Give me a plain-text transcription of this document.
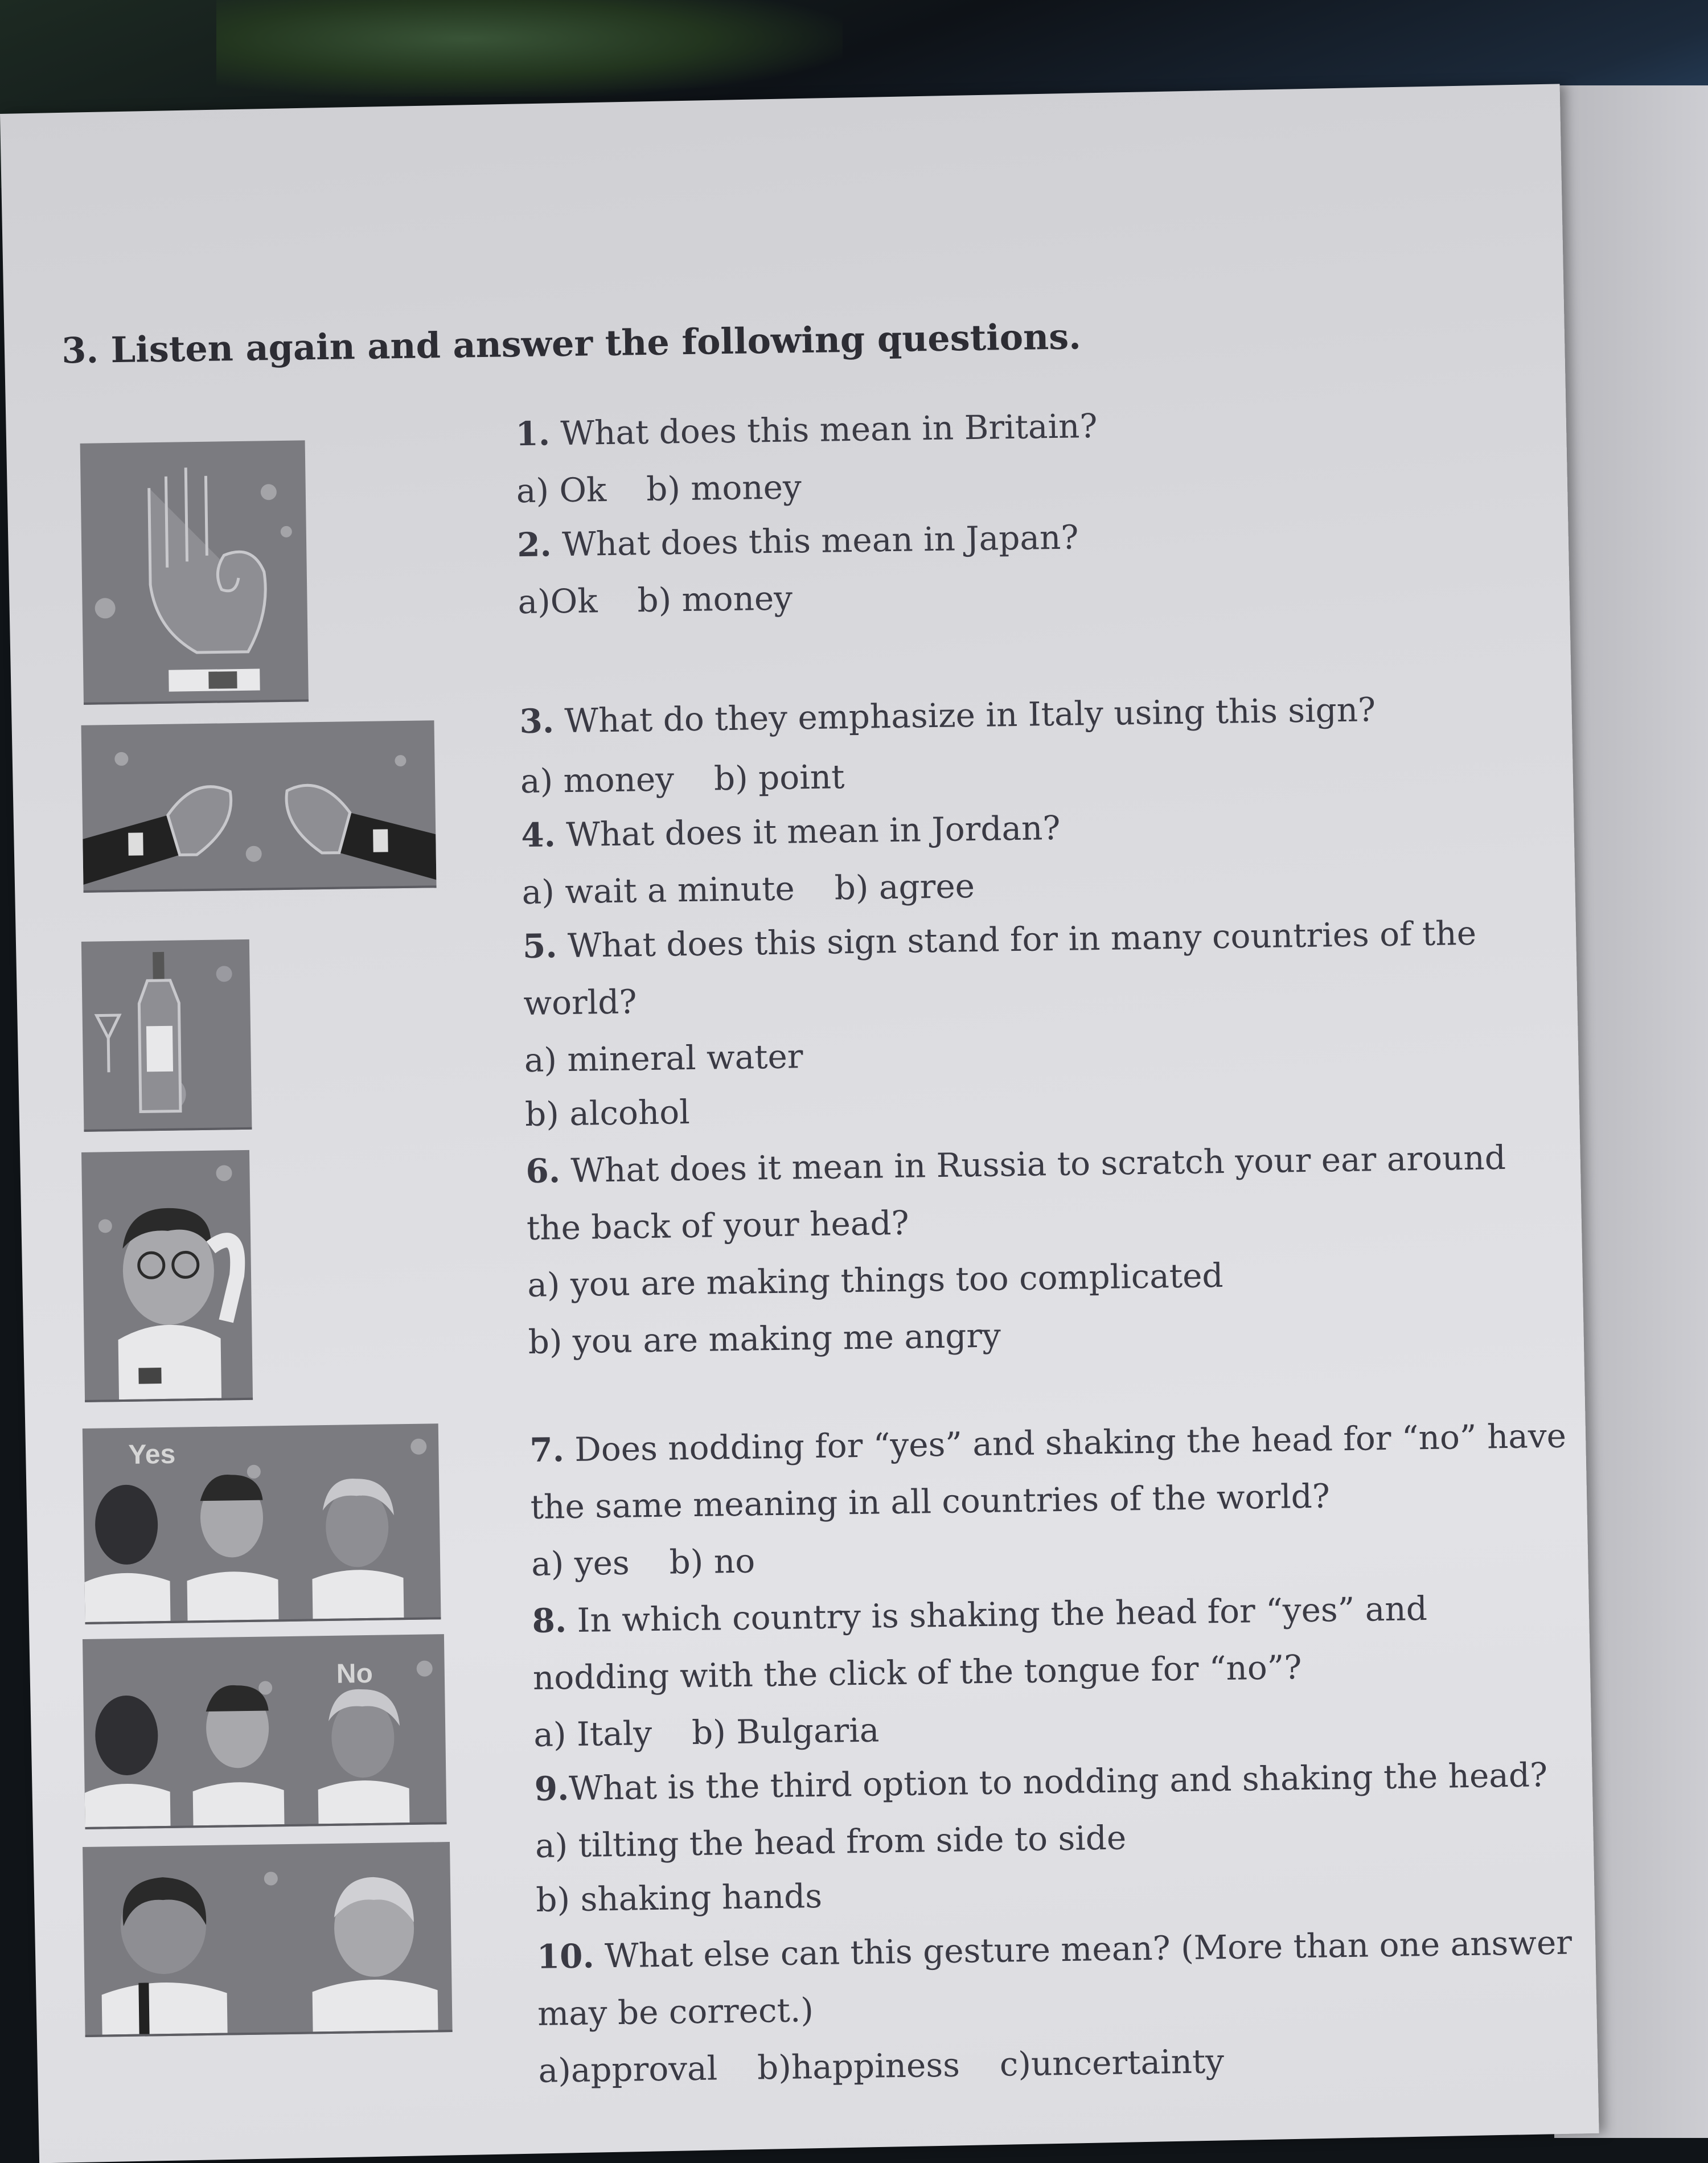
3. Listen again and answer the following questions.
Yes
No
1. What does this mean in Britain?
a) Ok b) money
2. What does this mean in Japan?
a)Ok b) money
3. What do they emphasize in Italy using this sign?
a) money b) point
4. What does it mean in Jordan?
a) wait a minute b) agree
5. What does this sign stand for in many countries of the
world?
a) mineral water
b) alcohol
6. What does it mean in Russia to scratch your ear around
the back of your head?
a) you are making things too complicated
b) you are making me angry
7. Does nodding for “yes” and shaking the head for “no” have
the same meaning in all countries of the world?
a) yes b) no
8. In which country is shaking the head for “yes” and
nodding with the click of the tongue for “no”?
a) Italy b) Bulgaria
9.What is the third option to nodding and shaking the head?
a) tilting the head from side to side
b) shaking hands
10. What else can this gesture mean? (More than one answer
may be correct.)
a)approval b)happiness c)uncertainty
